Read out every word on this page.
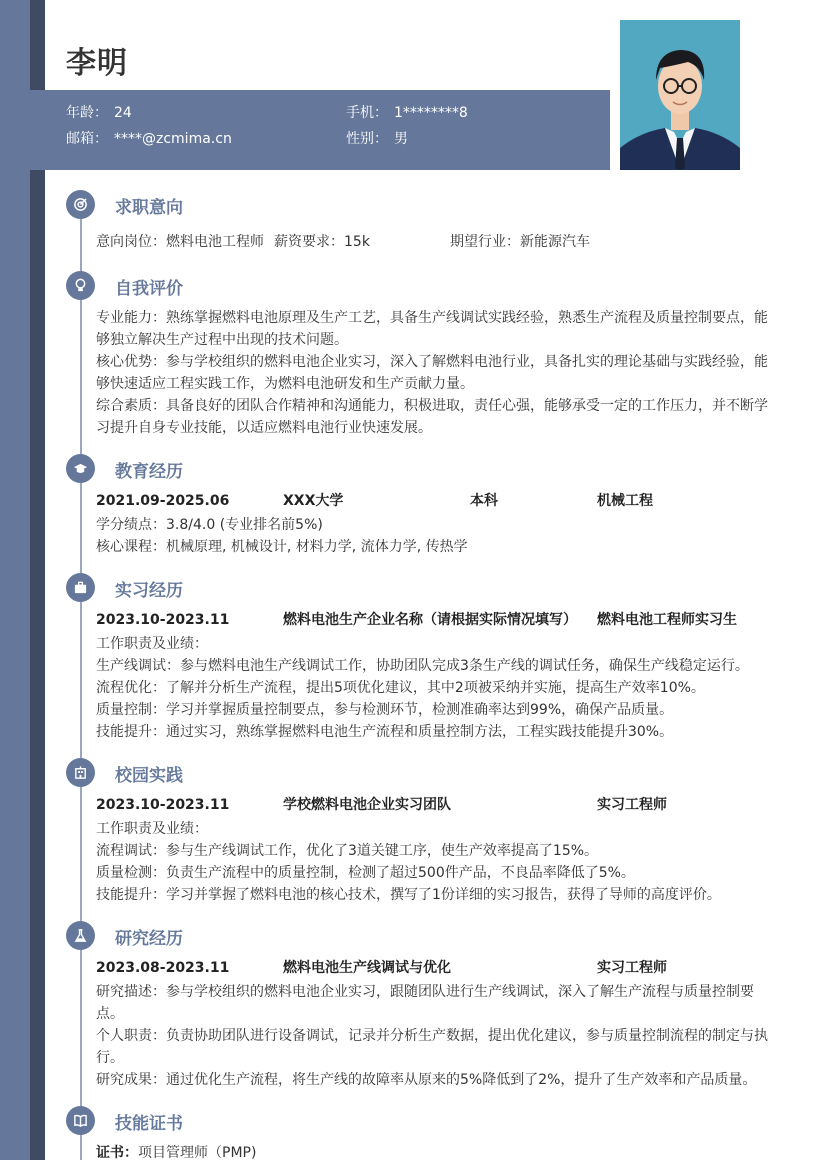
李明
年龄： 24	手机： 1********8
邮箱： ****@zcmima.cn	性别： 男
求职意向
意向岗位：燃料电池工程师 薪资要求：15k	期望行业：新能源汽车
自我评价
专业能力：熟练掌握燃料电池原理及生产工艺，具备生产线调试实践经验，熟悉生产流程及质量控制要点，能够独立解决生产过程中出现的技术问题。
核心优势：参与学校组织的燃料电池企业实习，深入了解燃料电池行业，具备扎实的理论基础与实践经验，能够快速适应工程实践工作，为燃料电池研发和生产贡献力量。
综合素质：具备良好的团队合作精神和沟通能力，积极进取，责任心强，能够承受一定的工作压力，并不断学习提升自身专业技能，以适应燃料电池行业快速发展。
教育经历
2021.09-2025.06	XXX大学	本科	机械工程
学分绩点：3.8/4.0 (专业排名前5%)
核心课程：机械原理, 机械设计, 材料力学, 流体力学, 传热学
实习经历
2023.10-2023.11	燃料电池生产企业名称（请根据实际情况填写） 燃料电池工程师实习生
工作职责及业绩：
生产线调试：参与燃料电池生产线调试工作，协助团队完成3条生产线的调试任务，确保生产线稳定运行。
流程优化：了解并分析生产流程，提出5项优化建议，其中2项被采纳并实施，提高生产效率10%。
质量控制：学习并掌握质量控制要点，参与检测环节，检测准确率达到99%，确保产品质量。
技能提升：通过实习，熟练掌握燃料电池生产流程和质量控制方法，工程实践技能提升30%。
校园实践
2023.10-2023.11	学校燃料电池企业实习团队	实习工程师
工作职责及业绩：
流程调试：参与生产线调试工作，优化了3道关键工序，使生产效率提高了15%。
质量检测：负责生产流程中的质量控制，检测了超过500件产品，不良品率降低了5%。
技能提升：学习并掌握了燃料电池的核心技术，撰写了1份详细的实习报告，获得了导师的高度评价。
研究经历
2023.08-2023.11	燃料电池生产线调试与优化	实习工程师
研究描述：参与学校组织的燃料电池企业实习，跟随团队进行生产线调试，深入了解生产流程与质量控制要点。
个人职责：负责协助团队进行设备调试，记录并分析生产数据，提出优化建议，参与质量控制流程的制定与执行。
研究成果：通过优化生产流程，将生产线的故障率从原来的5%降低到了2%，提升了生产效率和产品质量。
技能证书
证书：项目管理师（PMP)
